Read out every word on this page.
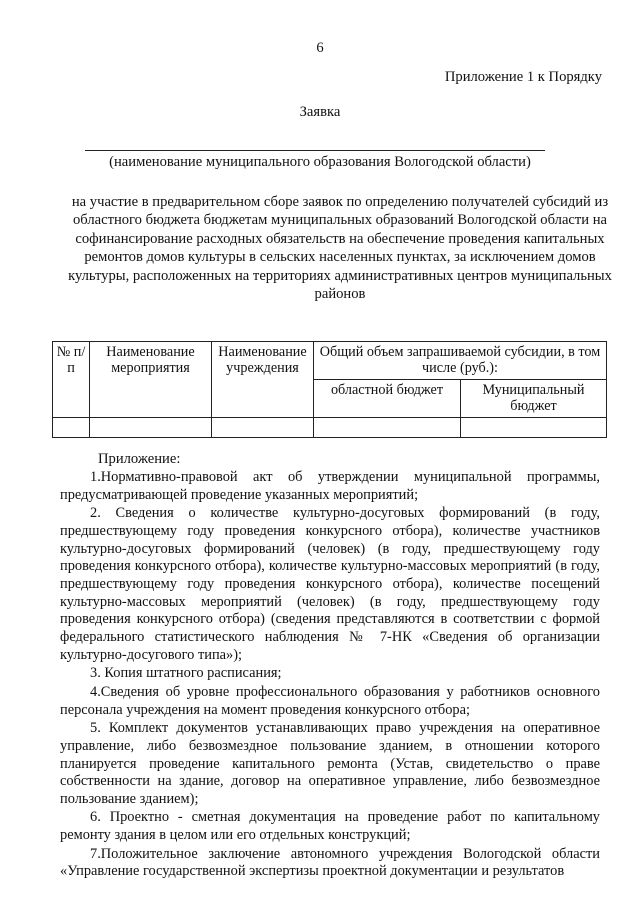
6
Приложение 1 к Порядку
Заявка
(наименование муниципального образования Вологодской области)
на участие в предварительном сборе заявок по определению получателей субсидий из областного бюджета бюджетам муниципальных образований Вологодской области на софинансирование расходных обязательств на обеспечение проведения капитальных ремонтов домов культуры в сельских населенных пунктах, за исключением домов культуры, расположенных на территориях административных центров муниципальных районов
№ п/п	Наименование мероприятия	Наименование учреждения	Общий объем запрашиваемой субсидии, в том числе (руб.):	
			областной бюджет	Муниципальный бюджет

Приложение:

1.Нормативно-правовой акт об утверждении муниципальной программы, предусматривающей проведение указанных мероприятий;

2. Сведения о количестве культурно-досуговых формирований (в году, предшествующему году проведения конкурсного отбора), количестве участников культурно-досуговых формирований (человек) (в году, предшествующему году проведения конкурсного отбора), количестве культурно-массовых мероприятий (в году, предшествующему году проведения конкурсного отбора), количестве посещений культурно-массовых мероприятий (человек) (в году, предшествующему году проведения конкурсного отбора) (сведения представляются в соответствии с формой федерального статистического наблюдения № 7-НК «Сведения об организации культурно-досугового типа»);

3. Копия штатного расписания;

4.Сведения об уровне профессионального образования у работников основного персонала учреждения на момент проведения конкурсного отбора;

5. Комплект документов устанавливающих право учреждения на оперативное управление, либо безвозмездное пользование зданием, в отношении которого планируется проведение капитального ремонта (Устав, свидетельство о праве собственности на здание, договор на оперативное управление, либо безвозмездное пользование зданием);

6. Проектно - сметная документация на проведение работ по капитальному ремонту здания в целом или его отдельных конструкций;

7.Положительное заключение автономного учреждения Вологодской области «Управление государственной экспертизы проектной документации и результатов
